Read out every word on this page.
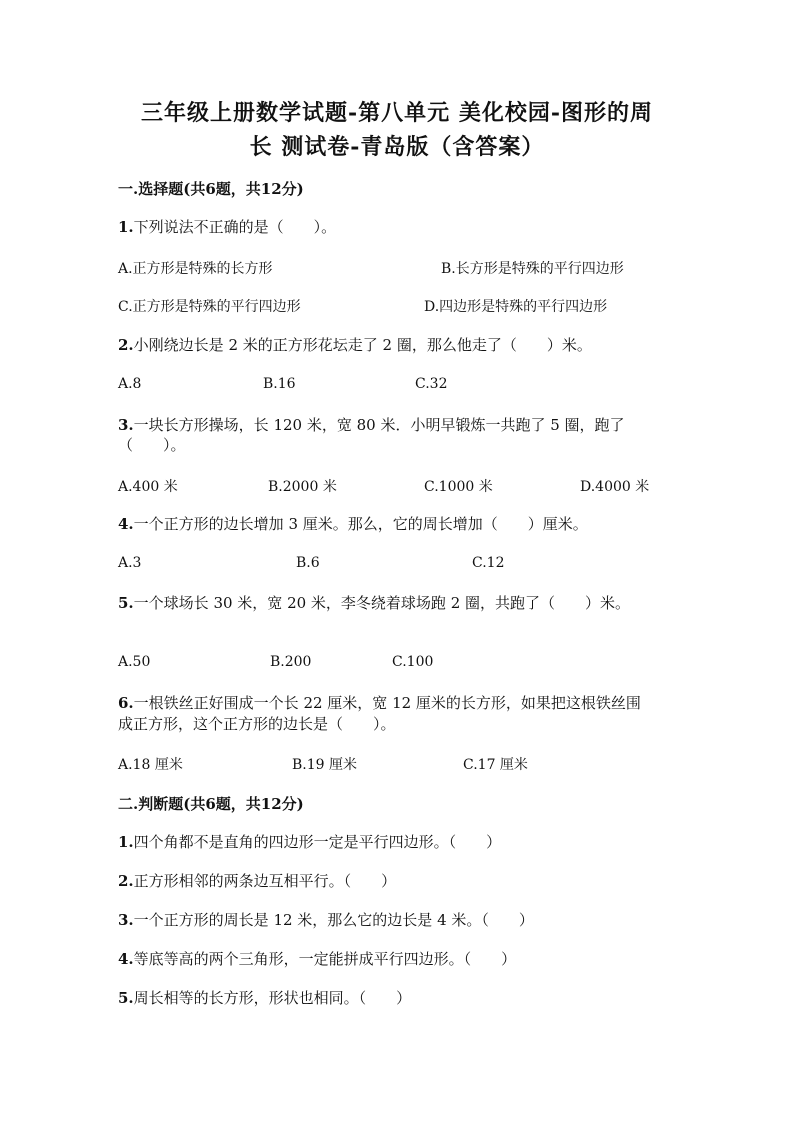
三年级上册数学试题-第八单元 美化校园-图形的周
长 测试卷-青岛版（含答案）
一.选择题(共6题，共12分)
1.下列说法不正确的是（　　）。
A.正方形是特殊的长方形	B.长方形是特殊的平行四边形
C.正方形是特殊的平行四边形	D.四边形是特殊的平行四边形
2.小刚绕边长是 2 米的正方形花坛走了 2 圈，那么他走了（　　）米。
A.8	B.16	C.32
3.一块长方形操场，长 120 米，宽 80 米．小明早锻炼一共跑了 5 圈，跑了
（　　）。
A.400 米	B.2000 米	C.1000 米	D.4000 米
4.一个正方形的边长增加 3 厘米。那么，它的周长增加（　　）厘米。
A.3	B.6	C.12
5.一个球场长 30 米，宽 20 米，李冬绕着球场跑 2 圈，共跑了（　　）米。
A.50	B.200	C.100
6.一根铁丝正好围成一个长 22 厘米，宽 12 厘米的长方形，如果把这根铁丝围
成正方形，这个正方形的边长是（　　）。
A.18 厘米	B.19 厘米	C.17 厘米
二.判断题(共6题，共12分)
1.四个角都不是直角的四边形一定是平行四边形。（　　）
2.正方形相邻的两条边互相平行。（　　）
3.一个正方形的周长是 12 米，那么它的边长是 4 米。（　　）
4.等底等高的两个三角形，一定能拼成平行四边形。（　　）
5.周长相等的长方形，形状也相同。（　　）
